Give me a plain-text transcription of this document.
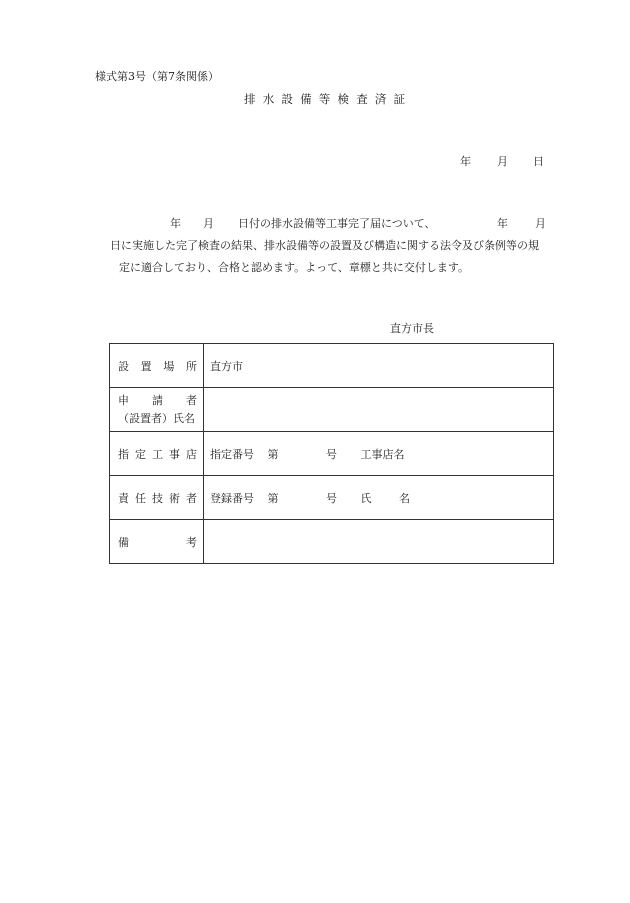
様式第3号（第7条関係）
排水設備等検査済証
年 月 日
年 月 日付の排水設備等工事完了届について、	年 月
日に実施した完了検査の結果、排水設備等の設置及び構造に関する法令及び条例等の規
定に適合しており、合格と認めます。よって、章標と共に交付します。
直方市長
設 置 場 所	直方市

申 請 者
（設置者）氏名	

指 定 工 事 店	指定番号 第 号 工事店名

責 任 技 術 者	登録番号 第 号 氏 名

備 考	
